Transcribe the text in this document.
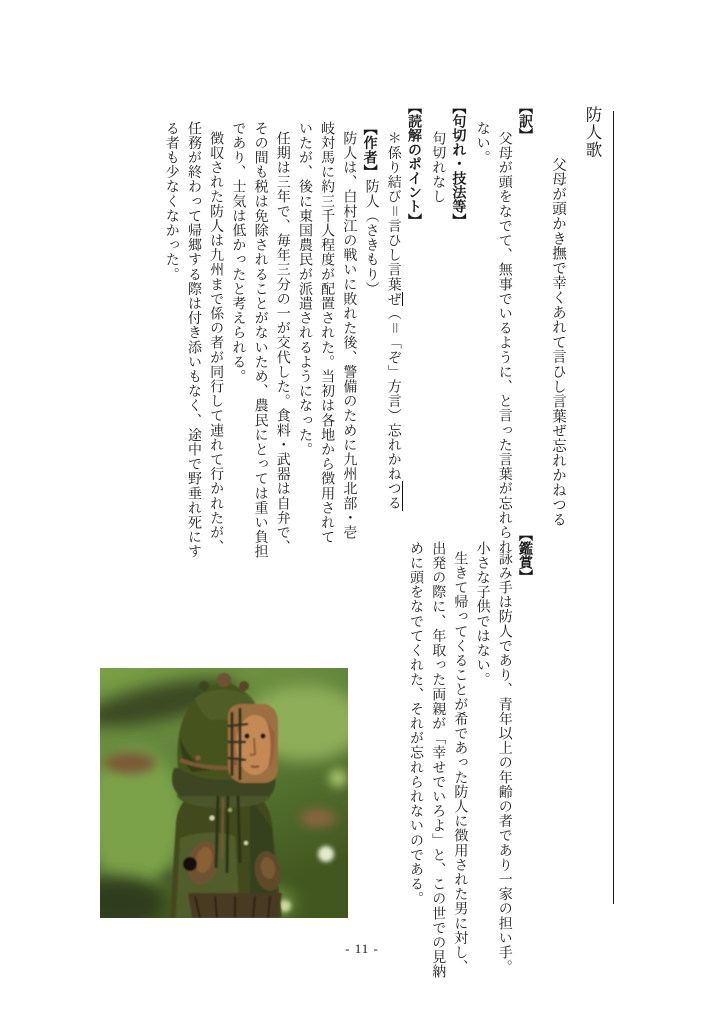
防人歌
父母が頭かき撫で幸くあれて言ひし言葉ぜ忘れかねつる
【訳】
父母が頭をなでて、無事でいるように、と言った言葉が忘れられ
ない。
【句切れ・技法等】
句切れなし
【読解のポイント】
＊係り結び＝言ひし言葉ぜ（＝「ぞ」方言）忘れかねつる
【作者】防人（さきもり）
防人は、白村江の戦いに敗れた後、警備のために九州北部・壱
岐対馬に約三千人程度が配置された。当初は各地から徴用されて
いたが、後に東国農民が派遣されるようになった。
任期は三年で、毎年三分の一が交代した。食料・武器は自弁で、
その間も税は免除されることがないため、農民にとっては重い負担
であり、士気は低かったと考えられる。
徴収された防人は九州まで係の者が同行して連れて行かれたが、
任務が終わって帰郷する際は付き添いもなく、途中で野垂れ死にす
る者も少なくなかった。
【鑑賞】
詠み手は防人であり、青年以上の年齢の者であり一家の担い手。
小さな子供ではない。
生きて帰ってくることが希であった防人に徴用された男に対し、
出発の際に、年取った両親が「幸せでいろよ」と、この世での見納
めに頭をなでてくれた、それが忘れられないのである。
- 11 -
